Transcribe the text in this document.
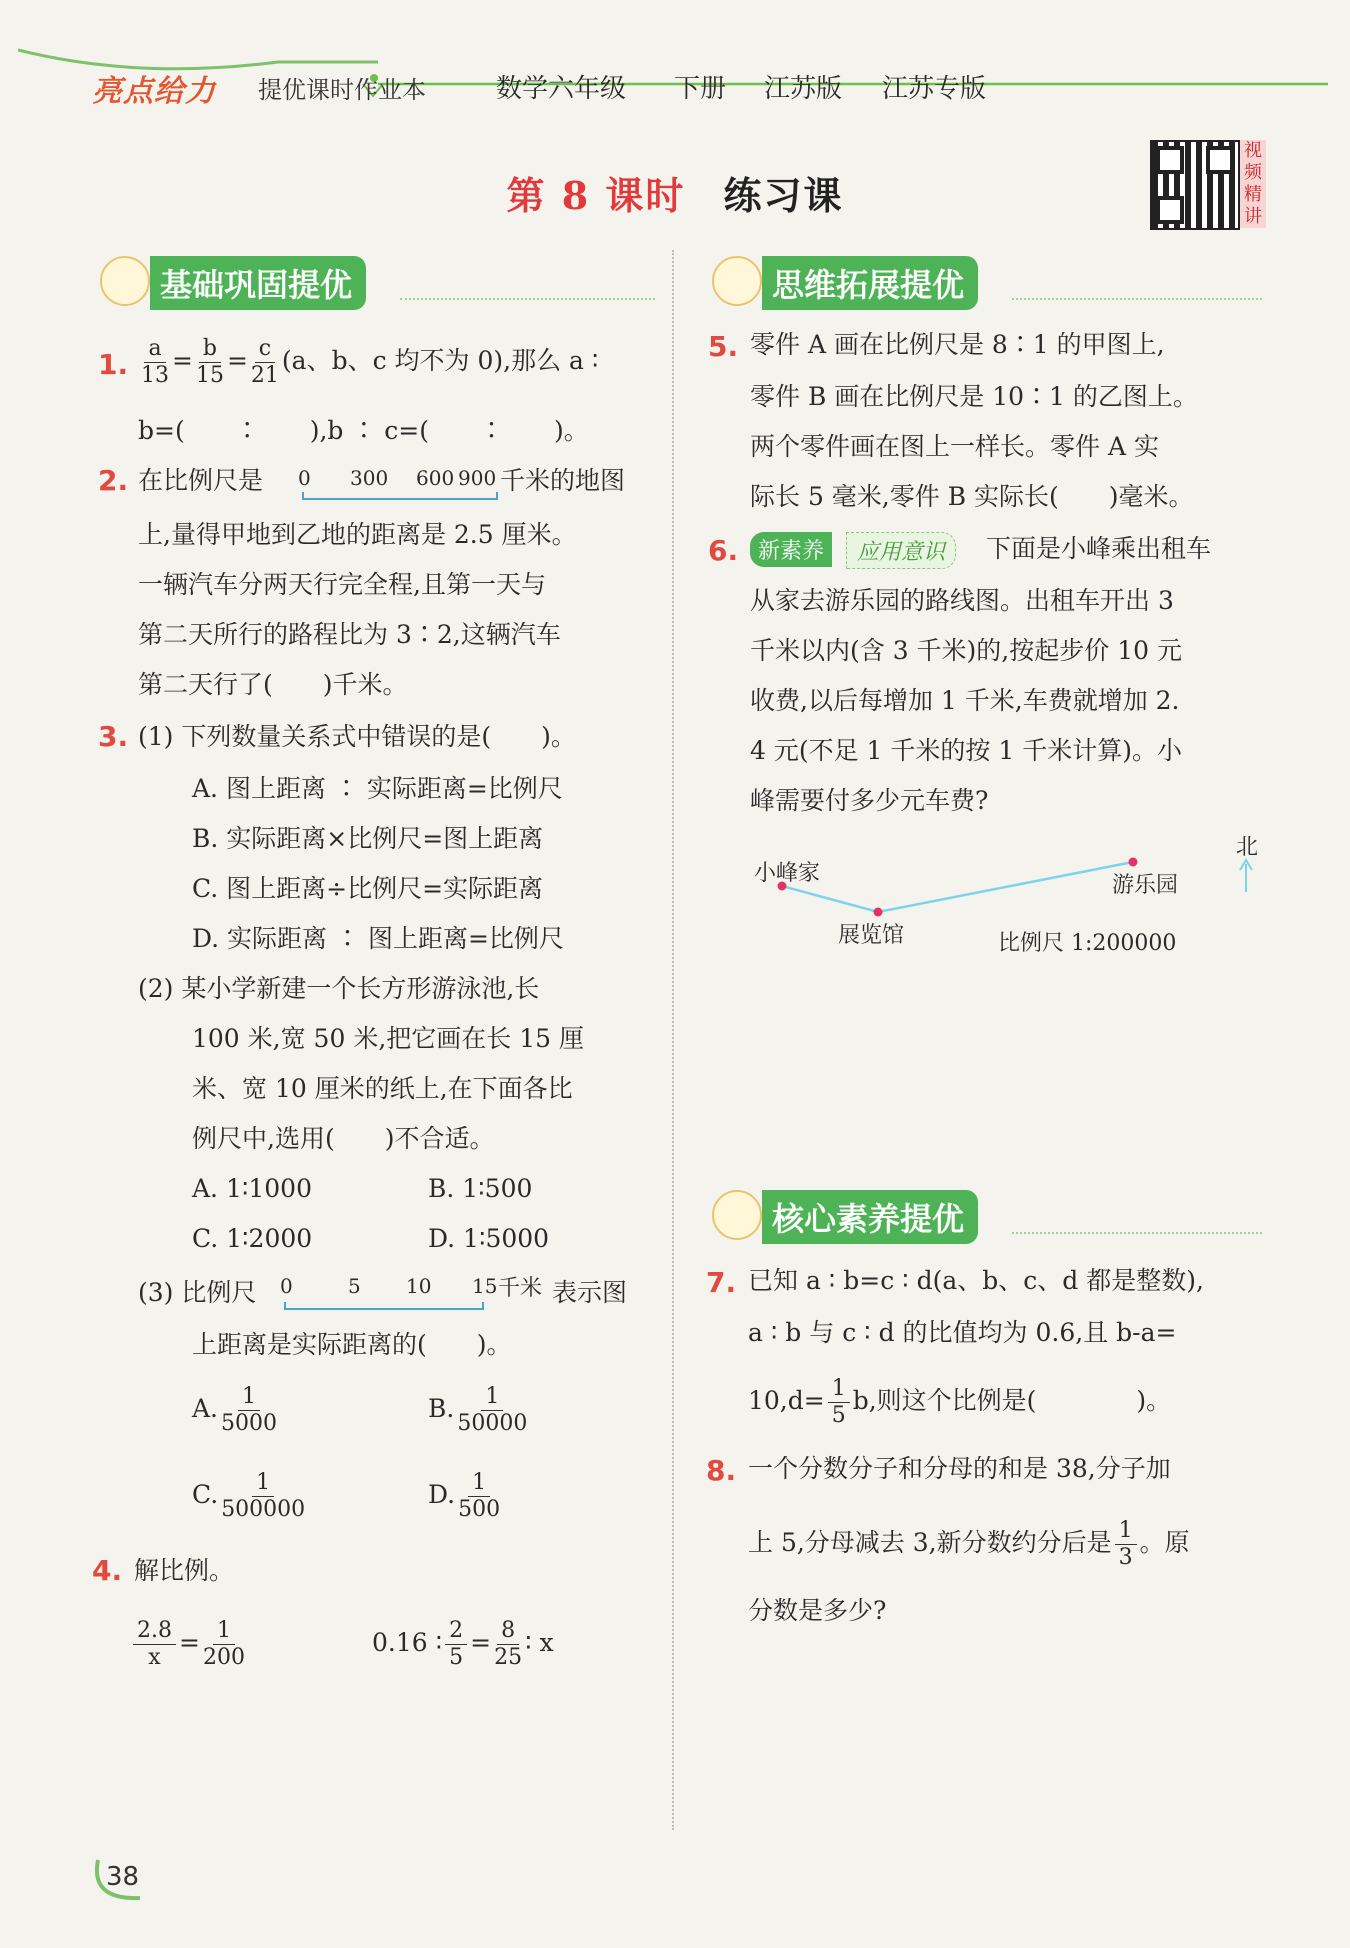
亮点给力 提优课时作业本	数学六年级 下册 江苏版 江苏专版
第 8 课时 练习课
视
频
精
讲
基础巩固提优
1. $\frac{a}{13} = \frac{b}{15} = \frac{c}{21} (a$、b、c 均不为 0),那么 a ∶
b=(　　∶　　),b ∶ c=(　　∶　　)。
2. 在比例尺是 0 300 600 900 千米的地图
上,量得甲地到乙地的距离是 2.5 厘米。
一辆汽车分两天行完全程,且第一天与
第二天所行的路程比为 3∶2,这辆汽车
第二天行了(　　)千米。
3. (1) 下列数量关系式中错误的是(　　)。
A. 图上距离 ∶ 实际距离=比例尺
B. 实际距离×比例尺=图上距离
C. 图上距离÷比例尺=实际距离
D. 实际距离 ∶ 图上距离=比例尺
(2) 某小学新建一个长方形游泳池,长
100 米,宽 50 米,把它画在长 15 厘
米、宽 10 厘米的纸上,在下面各比
例尺中,选用(　　)不合适。
A. 1∶1000	B. 1∶500
C. 1∶2000	D. 1∶5000
(3) 比例尺 0	5 10 15 千米 表示图
上距离是实际距离的(　　)。
A. $\frac{1}{5000}$	B. $\frac{1}{50000}$
C. $\frac{1}{500000}$	D. $\frac{1}{500}$
4. 解比例。
$\frac{2.8}{x} = \frac{1}{200}$	0.16 ∶ $\frac{2}{5} = \frac{8}{25}$ ∶ x
思维拓展提优
5. 零件 A 画在比例尺是 8∶1 的甲图上,
零件 B 画在比例尺是 10∶1 的乙图上。
两个零件画在图上一样长。零件 A 实
际长 5 毫米,零件 B 实际长(　　)毫米。
6. 新素养	应用意识	下面是小峰乘出租车
从家去游乐园的路线图。出租车开出 3
千米以内(含 3 千米)的,按起步价 10 元
收费,以后每增加 1 千米,车费就增加 2.
4 元(不足 1 千米的按 1 千米计算)。小
峰需要付多少元车费?
小峰家
展览馆
游乐园
北
比例尺 1:200000
核心素养提优
7. 已知 a ∶ b=c ∶ d(a、b、c、d 都是整数),
a ∶ b 与 c ∶ d 的比值均为 0.6,且 b-a=
$10,d= \frac{1}{5} b$,则这个比例是(　　　　)。
8. 一个分数分子和分母的和是 38,分子加
上 5,分母减去 3,新分数约分后是 $\frac{1}{3}$ 。原
分数是多少?
38
